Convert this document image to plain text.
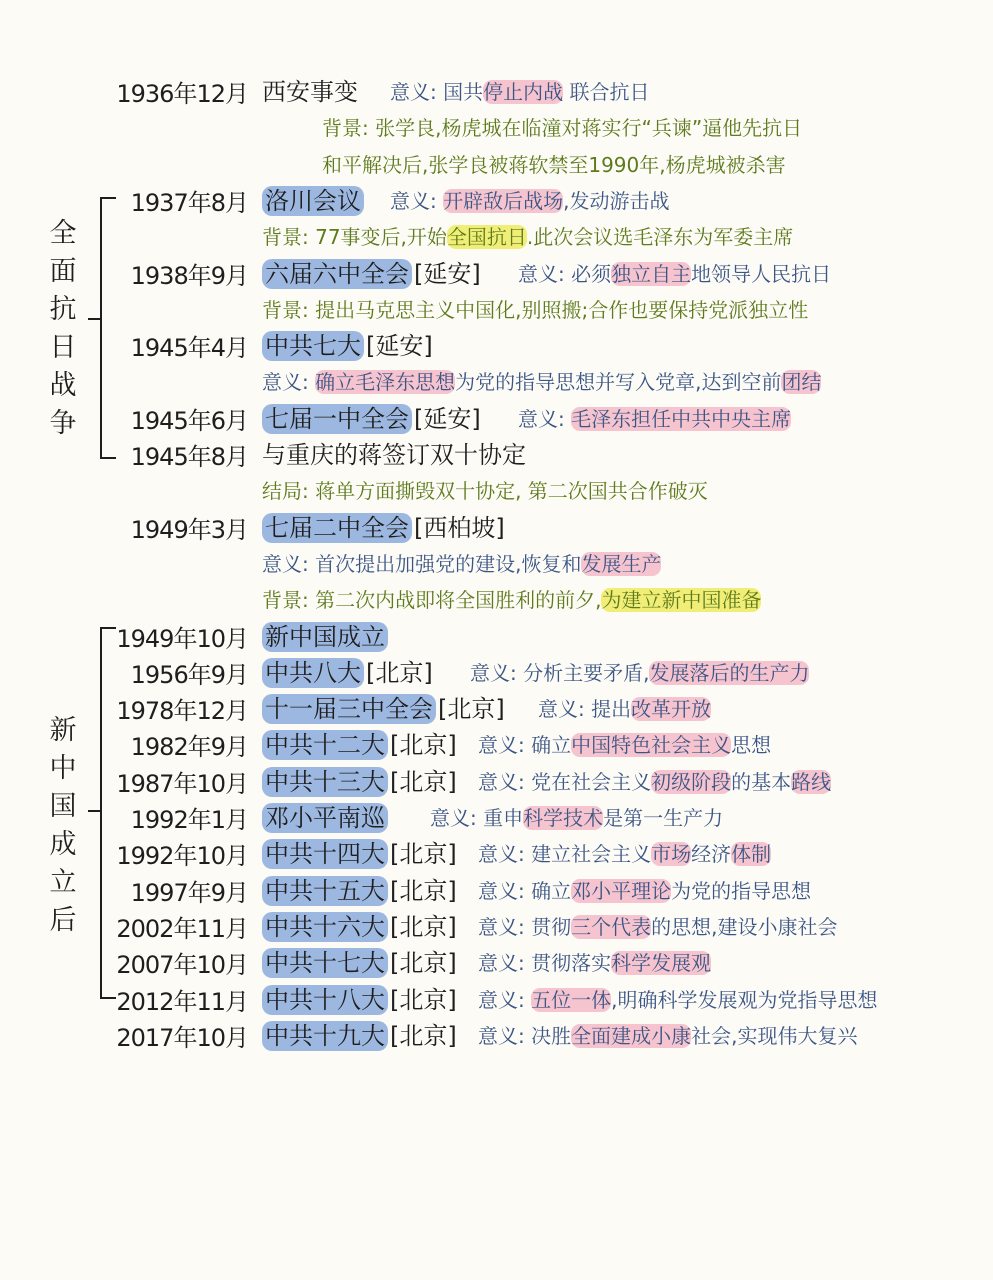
全面抗日战争
新中国成立后
1936年12月 西安事变 意义: 国共停止内战 联合抗日
背景: 张学良,杨虎城在临潼对蒋实行“兵谏”逼他先抗日
和平解决后,张学良被蒋软禁至1990年,杨虎城被杀害
1937年8月 洛川会议 意义: 开辟敌后战场,发动游击战
背景: 77事变后,开始全国抗日.此次会议选毛泽东为军委主席
1938年9月 六届六中全会 [延安] 意义: 必须独立自主地领导人民抗日
背景: 提出马克思主义中国化,别照搬;合作也要保持党派独立性
1945年4月 中共七大 [延安]
意义: 确立毛泽东思想为党的指导思想并写入党章,达到空前团结
1945年6月 七届一中全会 [延安] 意义: 毛泽东担任中共中央主席
1945年8月 与重庆的蒋签订双十协定
结局: 蒋单方面撕毁双十协定, 第二次国共合作破灭
1949年3月 七届二中全会 [西柏坡]
意义: 首次提出加强党的建设,恢复和发展生产
背景: 第二次内战即将全国胜利的前夕,为建立新中国准备
1949年10月 新中国成立
1956年9月 中共八大 [北京] 意义: 分析主要矛盾,发展落后的生产力
1978年12月 十一届三中全会 [北京] 意义: 提出改革开放
1982年9月 中共十二大 [北京] 意义: 确立中国特色社会主义思想
1987年10月 中共十三大 [北京] 意义: 党在社会主义初级阶段的基本路线
1992年1月 邓小平南巡 意义: 重申科学技术是第一生产力
1992年10月 中共十四大 [北京] 意义: 建立社会主义市场经济体制
1997年9月 中共十五大 [北京] 意义: 确立邓小平理论为党的指导思想
2002年11月 中共十六大 [北京] 意义: 贯彻三个代表的思想,建设小康社会
2007年10月 中共十七大 [北京] 意义: 贯彻落实科学发展观
2012年11月 中共十八大 [北京] 意义: 五位一体,明确科学发展观为党指导思想
2017年10月 中共十九大 [北京] 意义: 决胜全面建成小康社会,实现伟大复兴
